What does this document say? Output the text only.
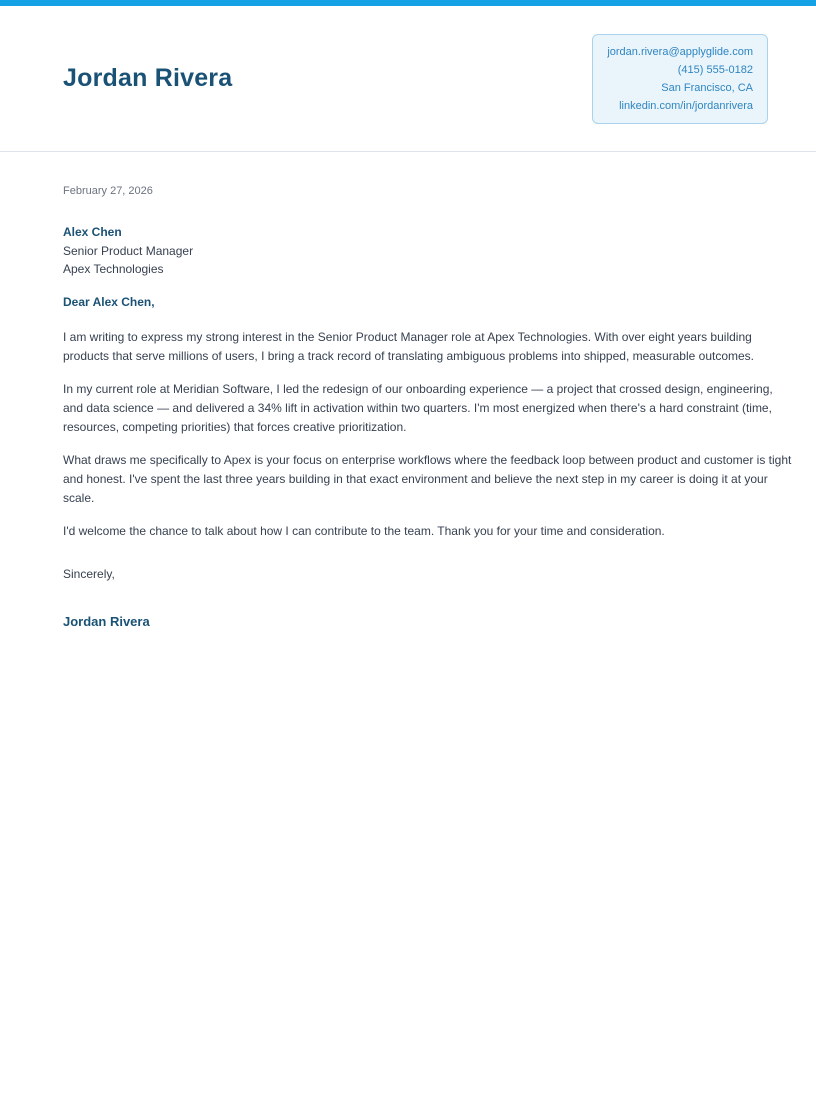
Jordan Rivera
jordan.rivera@applyglide.com
(415) 555-0182
San Francisco, CA
linkedin.com/in/jordanrivera

February 27, 2026

Alex Chen

Senior Product Manager

Apex Technologies

Dear Alex Chen,

I am writing to express my strong interest in the Senior Product Manager role at Apex Technologies. With over eight years building products that serve millions of users, I bring a track record of translating ambiguous problems into shipped, measurable outcomes.

In my current role at Meridian Software, I led the redesign of our onboarding experience — a project that crossed design, engineering, and data science — and delivered a 34% lift in activation within two quarters. I'm most energized when there's a hard constraint (time, resources, competing priorities) that forces creative prioritization.

What draws me specifically to Apex is your focus on enterprise workflows where the feedback loop between product and customer is tight and honest. I've spent the last three years building in that exact environment and believe the next step in my career is doing it at your scale.

I'd welcome the chance to talk about how I can contribute to the team. Thank you for your time and consideration.

Sincerely,

Jordan Rivera
